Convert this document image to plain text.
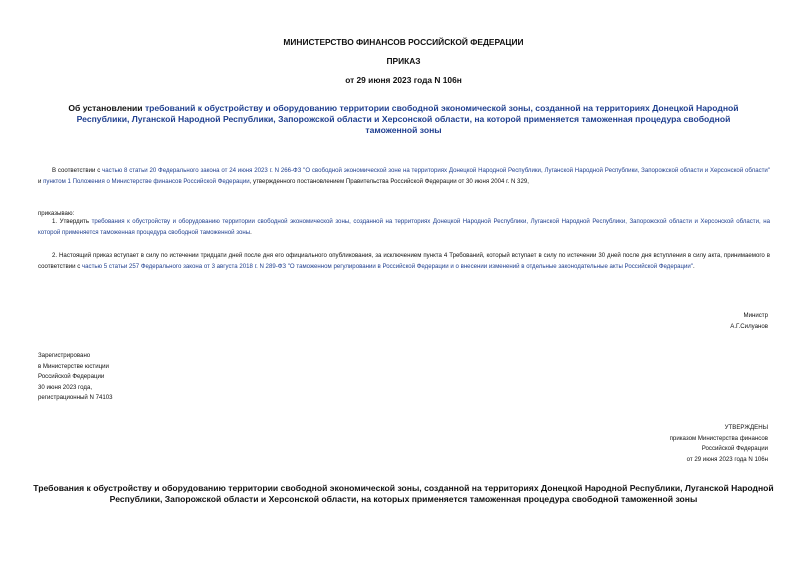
МИНИСТЕРСТВО ФИНАНСОВ РОССИЙСКОЙ ФЕДЕРАЦИИ
ПРИКАЗ
от 29 июня 2023 года N 106н
Об установлении требований к обустройству и оборудованию территории свободной экономической зоны, созданной на территориях Донецкой Народной Республики, Луганской Народной Республики, Запорожской области и Херсонской области, на которой применяется таможенная процедура свободной таможенной зоны
В соответствии с частью 8 статьи 20 Федерального закона от 24 июня 2023 г. N 266-ФЗ "О свободной экономической зоне на территориях Донецкой Народной Республики, Луганской Народной Республики, Запорожской области и Херсонской области" и пунктом 1 Положения о Министерстве финансов Российской Федерации, утвержденного постановлением Правительства Российской Федерации от 30 июня 2004 г. N 329,
приказываю:
1. Утвердить требования к обустройству и оборудованию территории свободной экономической зоны, созданной на территориях Донецкой Народной Республики, Луганской Народной Республики, Запорожской области и Херсонской области, на которой применяется таможенная процедура свободной таможенной зоны.
2. Настоящий приказ вступает в силу по истечении тридцати дней после дня его официального опубликования, за исключением пункта 4 Требований, который вступает в силу по истечении 30 дней после дня вступления в силу акта, принимаемого в соответствии с частью 5 статьи 257 Федерального закона от 3 августа 2018 г. N 289-ФЗ "О таможенном регулировании в Российской Федерации и о внесении изменений в отдельные законодательные акты Российской Федерации".
Министр
А.Г.Силуанов
Зарегистрировано
в Министерстве юстиции
Российской Федерации
30 июня 2023 года,
регистрационный N 74103
УТВЕРЖДЕНЫ
приказом Министерства финансов
Российской Федерации
от 29 июня 2023 года N 106н
Требования к обустройству и оборудованию территории свободной экономической зоны, созданной на территориях Донецкой Народной Республики, Луганской Народной Республики, Запорожской области и Херсонской области, на которых применяется таможенная процедура свободной таможенной зоны
